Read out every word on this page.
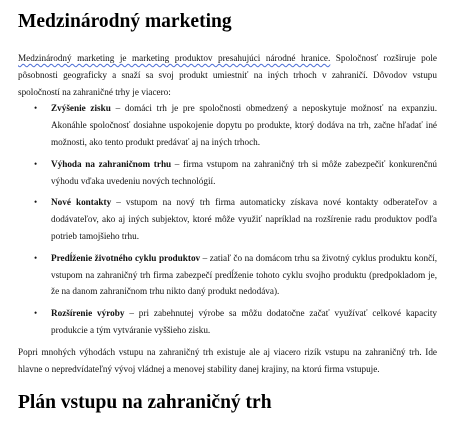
Medzinárodný marketing

Medzinárodný marketing je marketing produktov presahujúci národné hranice. Spoločnosť rozširuje pole pôsobnosti geograficky a snaží sa svoj produkt umiestniť na iných trhoch v zahraničí. Dôvodov vstupu spoločností na zahraničné trhy je viacero:

• Zvýšenie zisku – domáci trh je pre spoločnosti obmedzený a neposkytuje možnosť na expanziu. Akonáhle spoločnosť dosiahne uspokojenie dopytu po produkte, ktorý dodáva na trh, začne hľadať iné možnosti, ako tento produkt predávať aj na iných trhoch.
• Výhoda na zahraničnom trhu – firma vstupom na zahraničný trh si môže zabezpečiť konkurenčnú výhodu vďaka uvedeniu nových technológií.
• Nové kontakty – vstupom na nový trh firma automaticky získava nové kontakty odberateľov a dodávateľov, ako aj iných subjektov, ktoré môže využiť napríklad na rozšírenie radu produktov podľa potrieb tamojšieho trhu.
• Predĺženie životného cyklu produktov – zatiaľ čo na domácom trhu sa životný cyklus produktu končí, vstupom na zahraničný trh firma zabezpečí predĺženie tohoto cyklu svojho produktu (predpokladom je, že na danom zahraničnom trhu nikto daný produkt nedodáva).
• Rozšírenie výroby – pri zabehnutej výrobe sa môžu dodatočne začať využívať celkové kapacity produkcie a tým vytváranie vyššieho zisku.

Popri mnohých výhodách vstupu na zahraničný trh existuje ale aj viacero rizík vstupu na zahraničný trh. Ide hlavne o nepredvídateľný vývoj vládnej a menovej stability danej krajiny, na ktorú firma vstupuje.

Plán vstupu na zahraničný trh
